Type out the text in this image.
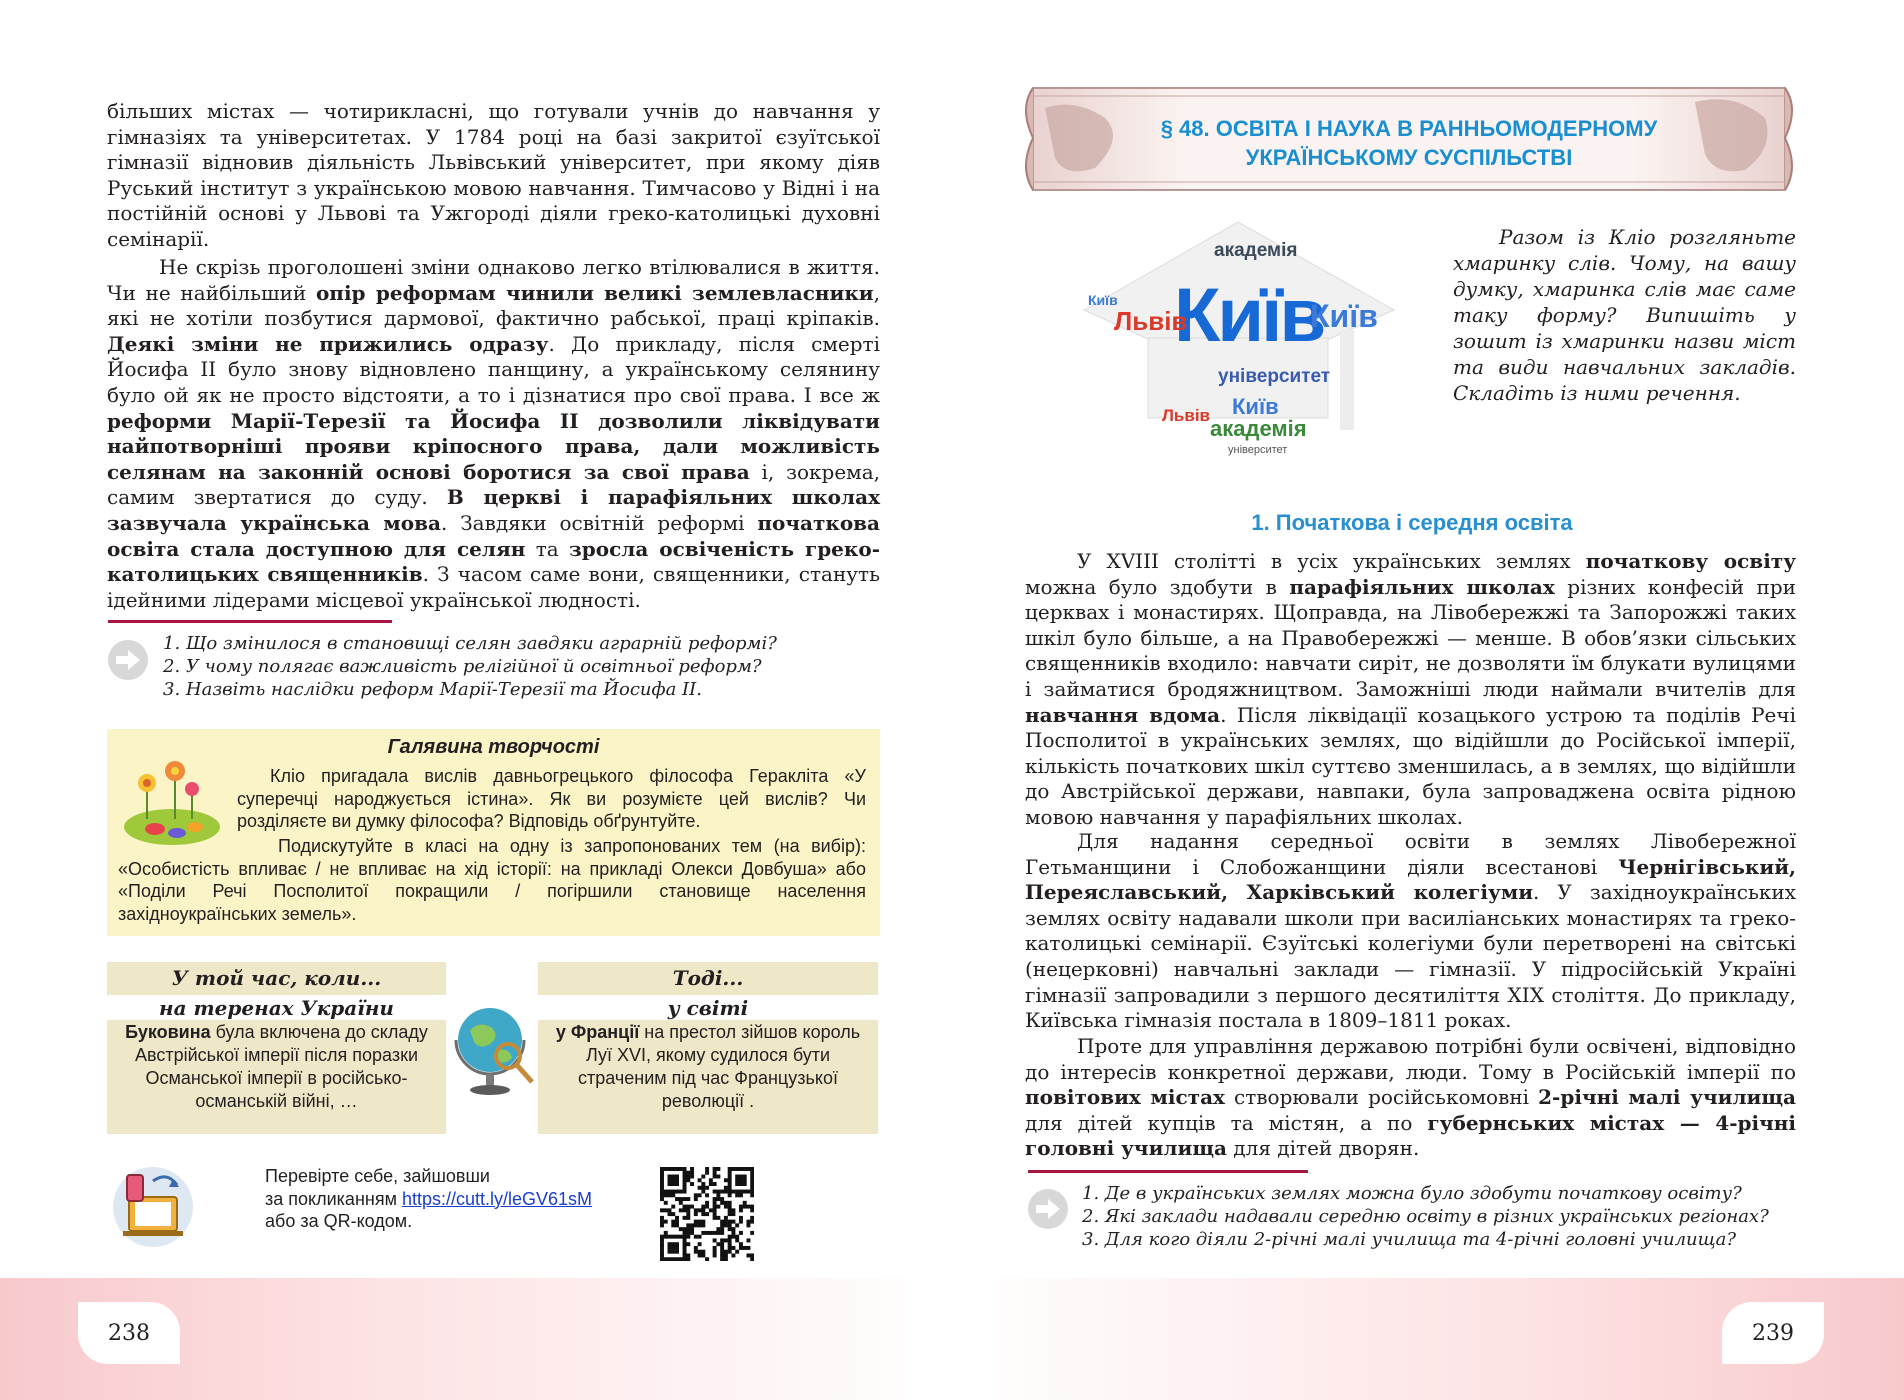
більших містах — чотирикласні, що готували учнів до навчання у гімназіях та університетах. У 1784 році на базі закритої єзуїтської гімназії відновив діяльність Львівський університет, при якому діяв Руський інститут з українською мовою навчання. Тимчасово у Відні і на постійній основі у Львові та Ужгороді діяли греко-католицькі духовні семінарії.
Не скрізь проголошені зміни однаково легко втілювалися в життя. Чи не найбільший опір реформам чинили великі землевласники, які не хотіли позбутися дармової, фактично рабської, праці кріпаків. Деякі зміни не прижились одразу. До прикладу, після смерті Йосифа ІІ було знову відновлено панщину, а українському селянину було ой як не просто відстояти, а то і дізнатися про свої права. І все ж реформи Марії-Терезії та Йосифа ІІ дозволили ліквідувати найпотворніші прояви кріпосного права, дали можливість селянам на законній основі боротися за свої права і, зокрема, самим звертатися до суду. В церкві і парафіяльних школах зазвучала українська мова. Завдяки освітній реформі початкова освіта стала доступною для селян та зросла освіченість греко-католицьких священників. З часом саме вони, священники, стануть ідейними лідерами місцевої української людності.
1. Що змінилося в становищі селян завдяки аграрній реформі?
2. У чому полягає важливість релігійної й освітньої реформ?
3. Назвіть наслідки реформ Марії-Терезії та Йосифа ІІ.
Галявина творчості
Кліо пригадала вислів давньогрецького філософа Геракліта «У суперечці народжується істина». Як ви розумієте цей вислів? Чи розділяєте ви думку філософа? Відповідь обґрунтуйте.
Подискутуйте в класі на одну із запропонованих тем (на вибір): «Особистість впливає / не впливає на хід історії: на прикладі Олекси Довбуша» або «Поділи Речі Посполитої покращили / погіршили становище населення західноукраїнських земель».
У той час, коли...
на теренах України
Буковина була включена до складу Австрійської імперії після поразки Османської імперії в російсько-османській війні, …
Тоді...
у світі
у Франції на престол зійшов король Луї XVI, якому судилося бути страченим під час Французької революції .
Перевірте себе, зайшовши
за покликанням https://cutt.ly/leGV61sM
або за QR-кодом.
§ 48. ОСВІТА І НАУКА В РАННЬОМОДЕРНОМУ
УКРАЇНСЬКОМУ СУСПІЛЬСТВІ
Київ
Київ
Львів
академія
університет
Київ
Львів
академія
Київ
університет
Разом із Кліо розгляньте хмаринку слів. Чому, на вашу думку, хмаринка слів має саме таку форму? Випишіть у зошит із хмаринки назви міст та види навчальних закладів. Складіть із ними речення.
1. Початкова і середня освіта
У XVIII столітті в усіх українських землях початкову освіту можна було здобути в парафіяльних школах різних конфесій при церквах і монастирях. Щоправда, на Лівобережжі та Запорожжі таких шкіл було більше, а на Правобережжі — менше. В обов’язки сільських священників входило: навчати сиріт, не дозволяти їм блукати вулицями і займатися бродяжництвом. Заможніші люди наймали вчителів для навчання вдома. Після ліквідації козацького устрою та поділів Речі Посполитої в українських землях, що відійшли до Російської імперії, кількість початкових шкіл суттєво зменшилась, а в землях, що відійшли до Австрійської держави, навпаки, була запроваджена освіта рідною мовою навчання у парафіяльних школах.
Для надання середньої освіти в землях Лівобережної Гетьманщини і Слобожанщини діяли всестанові Чернігівський, Переяславський, Харківський колегіуми. У західноукраїнських землях освіту надавали школи при василіанських монастирях та греко-католицькі семінарії. Єзуїтські колегіуми були перетворені на світські (нецерковні) навчальні заклади — гімназії. У підросійській Україні гімназії запровадили з першого десятиліття XIX століття. До прикладу, Київська гімназія постала в 1809–1811 роках.
Проте для управління державою потрібні були освічені, відповідно до інтересів конкретної держави, люди. Тому в Російській імперії по повітових містах створювали російськомовні 2-річні малі училища для дітей купців та містян, а по губернських містах — 4-річні головні училища для дітей дворян.
1. Де в українських землях можна було здобути початкову освіту?
2. Які заклади надавали середню освіту в різних українських регіонах?
3. Для кого діяли 2-річні малі училища та 4-річні головні училища?
238	239
